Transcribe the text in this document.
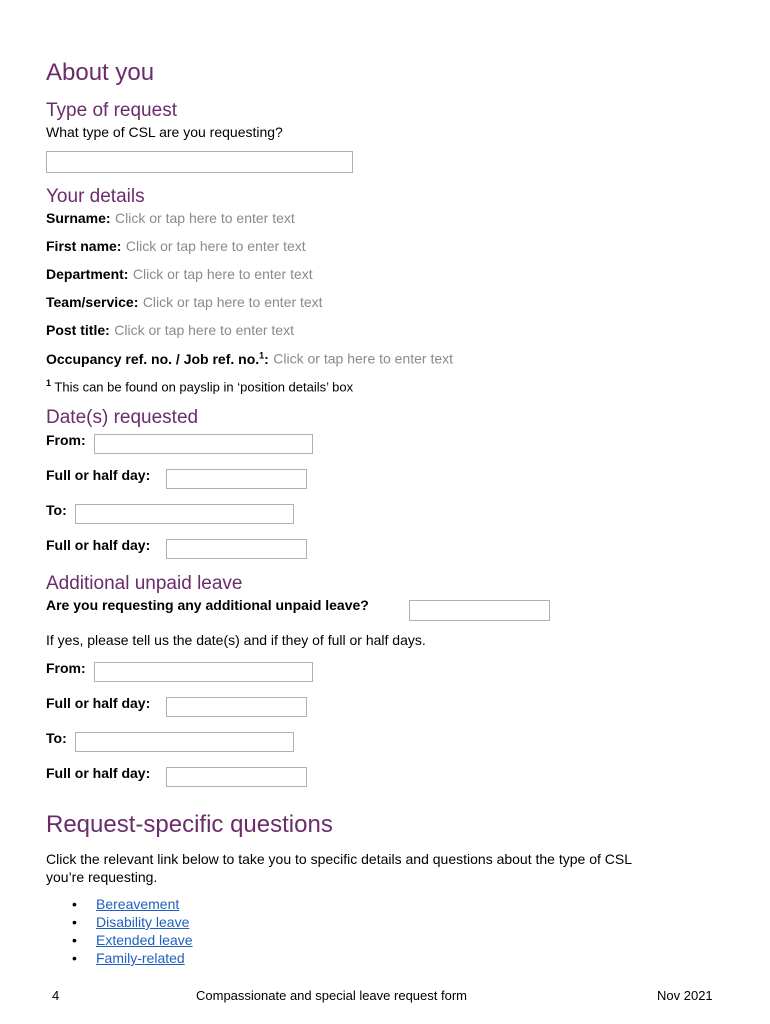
About you
Type of request
What type of CSL are you requesting?
Your details
Surname: Click or tap here to enter text
First name: Click or tap here to enter text
Department: Click or tap here to enter text
Team/service: Click or tap here to enter text
Post title: Click or tap here to enter text
Occupancy ref. no. / Job ref. no.$^1$: Click or tap here to enter text
$^1$ This can be found on payslip in ‘position details’ box
Date(s) requested
From:
Full or half day:
To:
Full or half day:
Additional unpaid leave
Are you requesting any additional unpaid leave?
If yes, please tell us the date(s) and if they of full or half days.
From:
Full or half day:
To:
Full or half day:
Request-specific questions
Click the relevant link below to take you to specific details and questions about the type of CSL
you’re requesting.
• Bereavement
• Disability leave
• Extended leave
• Family-related
4	Compassionate and special leave request form	Nov 2021
